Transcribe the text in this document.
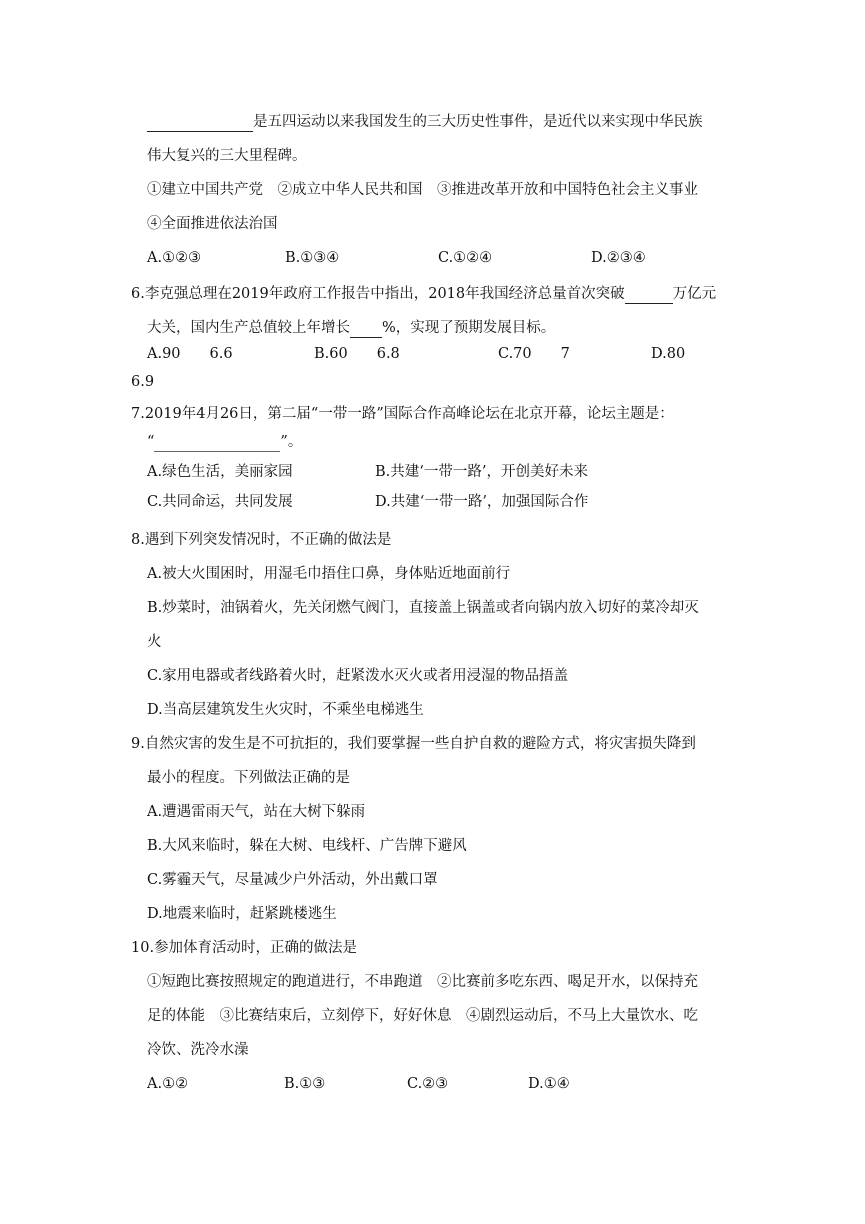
是五四运动以来我国发生的三大历史性事件，是近代以来实现中华民族
伟大复兴的三大里程碑。
①建立中国共产党　②成立中华人民共和国　③推进改革开放和中国特色社会主义事业
④全面推进依法治国
A.①②③	B.①③④	C.①②④	D.②③④
6.李克强总理在2019年政府工作报告中指出，2018年我国经济总量首次突破	万亿元
大关，国内生产总值较上年增长 %，实现了预期发展目标。
A.90　　6.6	B.60　　6.8	C.70　　7	D.80
6.9
7.2019年4月26日，第二届“一带一路”国际合作高峰论坛在北京开幕，论坛主题是：
“	”。
A.绿色生活，美丽家园	B.共建‘一带一路’，开创美好未来
C.共同命运，共同发展	D.共建‘一带一路’，加强国际合作
8.遇到下列突发情况时，不正确的做法是
A.被大火围困时，用湿毛巾捂住口鼻，身体贴近地面前行
B.炒菜时，油锅着火，先关闭燃气阀门，直接盖上锅盖或者向锅内放入切好的菜冷却灭
火
C.家用电器或者线路着火时，赶紧泼水灭火或者用浸湿的物品捂盖
D.当高层建筑发生火灾时，不乘坐电梯逃生
9.自然灾害的发生是不可抗拒的，我们要掌握一些自护自救的避险方式，将灾害损失降到
最小的程度。下列做法正确的是
A.遭遇雷雨天气，站在大树下躲雨
B.大风来临时，躲在大树、电线杆、广告牌下避风
C.雾霾天气，尽量减少户外活动，外出戴口罩
D.地震来临时，赶紧跳楼逃生
10.参加体育活动时，正确的做法是
①短跑比赛按照规定的跑道进行，不串跑道　②比赛前多吃东西、喝足开水，以保持充
足的体能　③比赛结束后，立刻停下，好好休息　④剧烈运动后，不马上大量饮水、吃
冷饮、洗冷水澡
A.①②	B.①③	C.②③	D.①④
